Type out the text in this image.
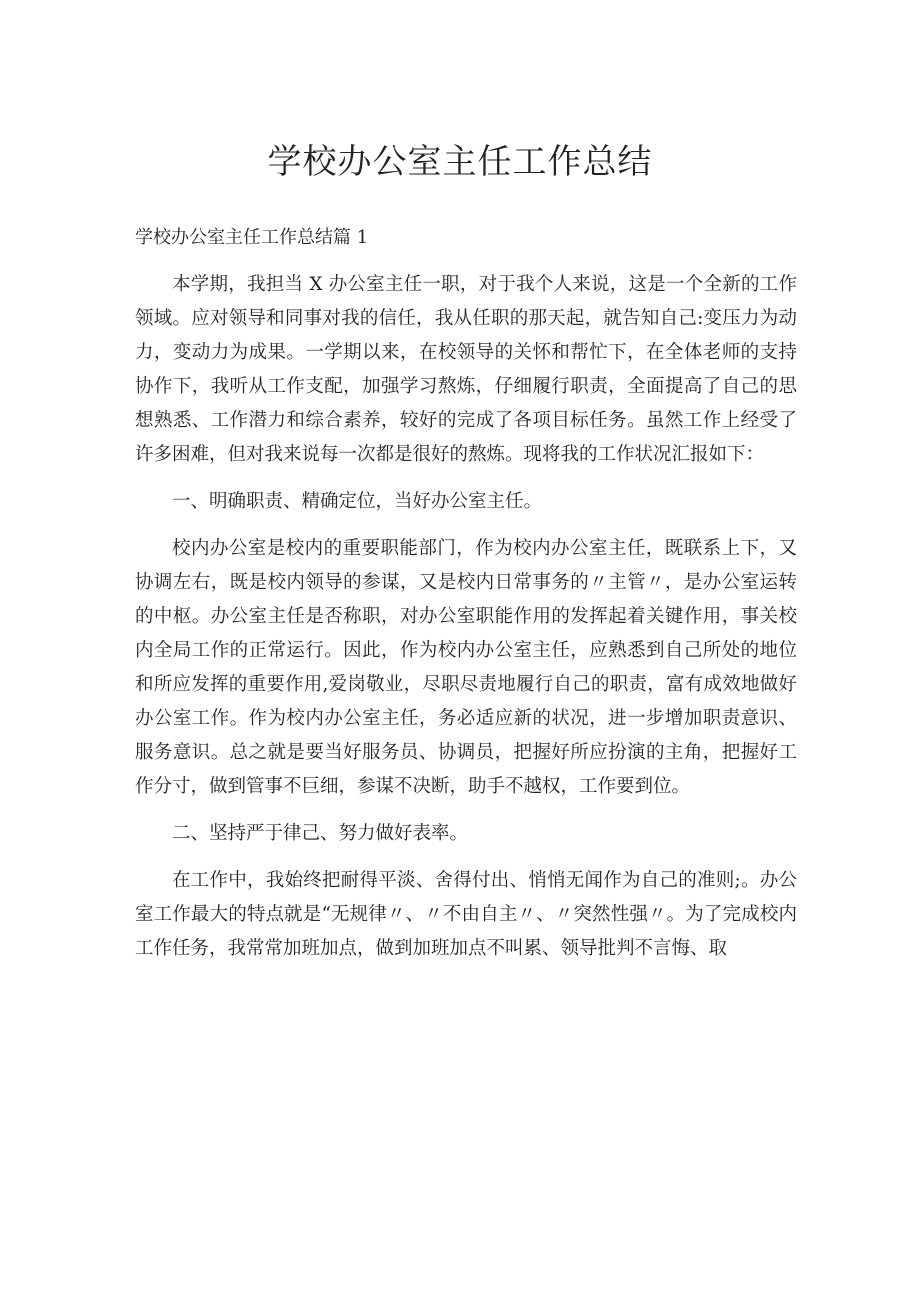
学校办公室主任工作总结
学校办公室主任工作总结篇 1

本学期，我担当 X 办公室主任一职，对于我个人来说，这是一个全新的工作领域。应对领导和同事对我的信任，我从任职的那天起，就告知自己:变压力为动力，变动力为成果。一学期以来，在校领导的关怀和帮忙下，在全体老师的支持协作下，我听从工作支配，加强学习熬炼，仔细履行职责，全面提高了自己的思想熟悉、工作潜力和综合素养，较好的完成了各项目标任务。虽然工作上经受了许多困难，但对我来说每一次都是很好的熬炼。现将我的工作状况汇报如下：

一、明确职责、精确定位，当好办公室主任。

校内办公室是校内的重要职能部门，作为校内办公室主任，既联系上下，又协调左右，既是校内领导的参谋，又是校内日常事务的〃主管〃，是办公室运转的中枢。办公室主任是否称职，对办公室职能作用的发挥起着关键作用，事关校内全局工作的正常运行。因此，作为校内办公室主任，应熟悉到自己所处的地位和所应发挥的重要作用,爱岗敬业，尽职尽责地履行自己的职责，富有成效地做好办公室工作。作为校内办公室主任，务必适应新的状况，进一步增加职责意识、服务意识。总之就是要当好服务员、协调员，把握好所应扮演的主角，把握好工作分寸，做到管事不巨细，参谋不决断，助手不越权，工作要到位。

二、坚持严于律己、努力做好表率。

在工作中，我始终把耐得平淡、舍得付出、悄悄无闻作为自己的准则;。办公室工作最大的特点就是“无规律〃、〃不由自主〃、〃突然性强〃。为了完成校内工作任务，我常常加班加点，做到加班加点不叫累、领导批判不言悔、取
